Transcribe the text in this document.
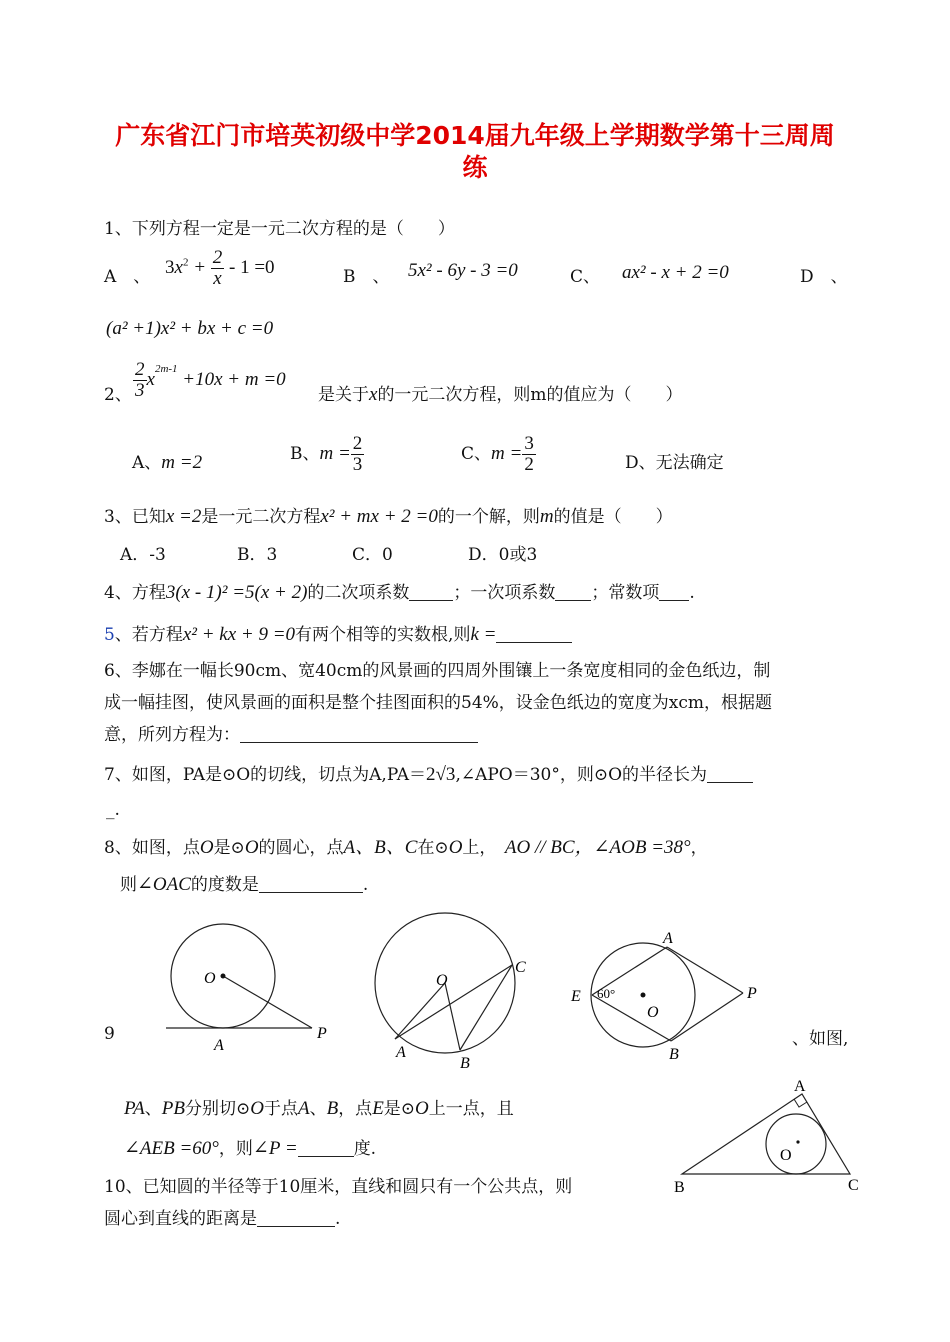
广东省江门市培英初级中学2014届九年级上学期数学第十三周周
练
1、下列方程一定是一元二次方程的是（　　）
A　、 $3x^2 + \frac{2}{x} - 1 =0$	B　、 5x² - 6y - 3 =0	C、 ax² - x + 2 =0	D　、
(a² +1)x² + bx + c =0
2、 $\frac{2}{3} x^{2m-1} +10x + m =0$
是关于x的一元二次方程，则m的值应为（　　）
A、m =2	B、$m = \frac{2}{3}$	C、$m = \frac{3}{2}$	D、无法确定
3、已知x =2是一元二次方程x² + mx + 2 =0的一个解，则m的值是（　　）
A．-3	B．3	C．0	D．0或3
4、方程3(x - 1)² =5(x + 2)的二次项系数	；一次项系数 ；常数项 .
5、若方程x² + kx + 9 =0有两个相等的实数根,则k =
6、李娜在一幅长90cm、宽40cm的风景画的四周外围镶上一条宽度相同的金色纸边，制
成一幅挂图，使风景画的面积是整个挂图面积的54%，设金色纸边的宽度为xcm，根据题
意，所列方程为：
7、如图，PA是⊙O的切线，切点为A,PA＝2√3,∠APO＝30°，则⊙O的半径长为
_.
8、如图，点O是⊙O的圆心，点A、B、C在⊙O上，　 AO // BC，∠AOB =38°，
则∠OAC的度数是	.
O
A
P
O
A
B
C
60°
O
A
B
E	P
9	、如图,
PA、PB分别切⊙O于点A、B，点E是⊙O上一点，且
∠AEB =60°，则∠P =	度.	O
A
B	C
10、已知圆的半径等于10厘米，直线和圆只有一个公共点，则
圆心到直线的距离是	.
